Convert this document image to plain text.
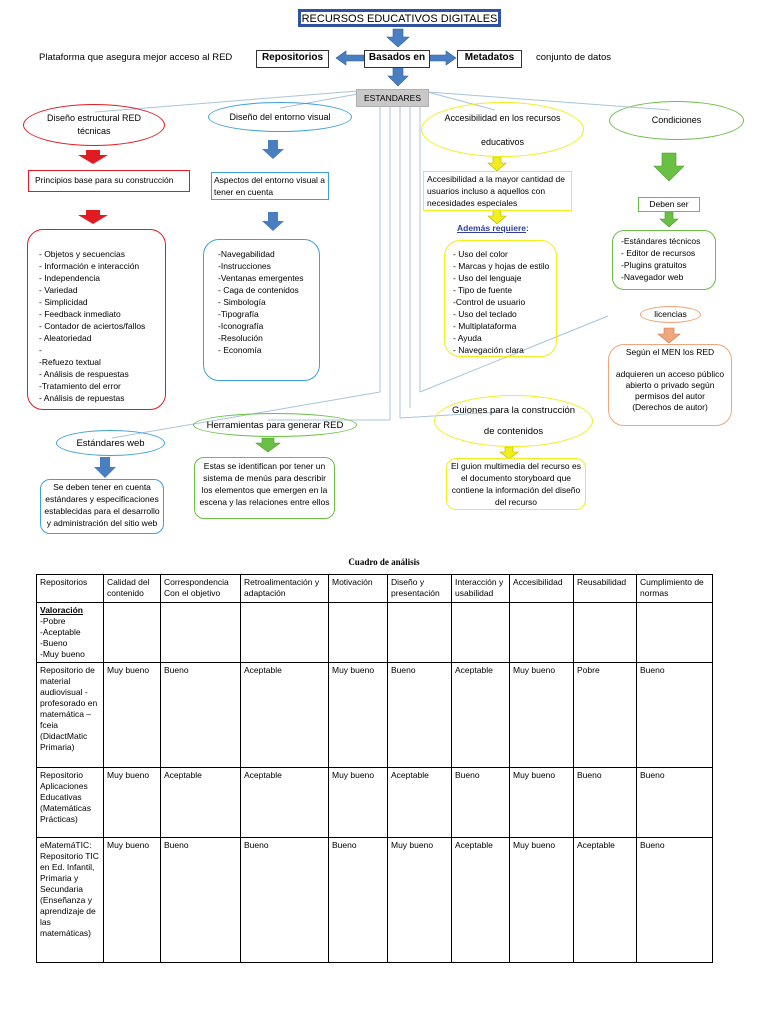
RECURSOS EDUCATIVOS DIGITALES
Plataforma que asegura mejor acceso al RED	Repositorios	Basados en	Metadatos	conjunto de datos
ESTANDARES
Diseño estructural RED técnicas
Principios base para su construcción
- Objetos y secuencias
- Información e interacción
- Independencia
- Variedad
- Simplicidad
- Feedback inmediato
- Contador de aciertos/fallos
- Aleatoriedad
-
-Refuezo textual
- Análisis de respuestas
-Tratamiento del error
- Análisis de repuestas
Diseño del entorno visual
Aspectos del entorno visual a tener en cuenta
-Navegabilidad
-Instrucciones
-Ventanas emergentes
- Caga de contenidos
- Simbología
-Tipografía
-Iconografía
-Resolución
- Economía
Accesibilidad en los recursos
educativos
Accesibilidad a la mayor cantidad de usuarios incluso a aquellos con necesidades especiales
Además requiere:
- Uso del color
- Marcas y hojas de estilo
- Uso del lenguaje
- Tipo de fuente
-Control de usuario
- Uso del teclado
- Multiplataforma
- Ayuda
- Navegación clara
Condiciones
Deben ser
-Estándares técnicos
- Editor de recursos
-Plugins gratuitos
-Navegador web
licencias
Según el MEN los RED

adquieren un acceso público
abierto o privado según
permisos del autor
(Derechos de autor)
Estándares web
Se deben tener en cuenta estándares y especificaciones establecidas para el desarrollo y administración del sitio web
Herramientas para generar RED
Estas se identifican por tener un sistema de menús para describir los elementos que emergen en la escena y las relaciones entre ellos
Guiones para la construcción
de contenidos
El guion multimedia del recurso es el documento storyboard que contiene la información del diseño del recurso
Cuadro de análisis
Repositorios	Calidad del contenido	Correspondencia Con el objetivo	Retroalimentación y adaptación	Motivación	Diseño y presentación	Interacción y usabilidad	Accesibilidad	Reusabilidad	Cumplimiento de normas

Valoración
-Pobre
-Aceptable
-Bueno
-Muy bueno									

Repositorio de material audiovisual - profesorado en matemática – fceia (DidactMatic Primaria)	Muy bueno	Bueno	Aceptable	Muy bueno	Bueno	Aceptable	Muy bueno	Pobre	Bueno
Repositorio Aplicaciones Educativas (Matemáticas Prácticas)	Muy bueno	Aceptable	Aceptable	Muy bueno	Aceptable	Bueno	Muy bueno	Bueno	Bueno
eMatemáTIC: Repositorio TIC en Ed. Infantil, Primaria y Secundaria (Enseñanza y aprendizaje de las matemáticas)	Muy bueno	Bueno	Bueno	Bueno	Muy bueno	Aceptable	Muy bueno	Aceptable	Bueno
